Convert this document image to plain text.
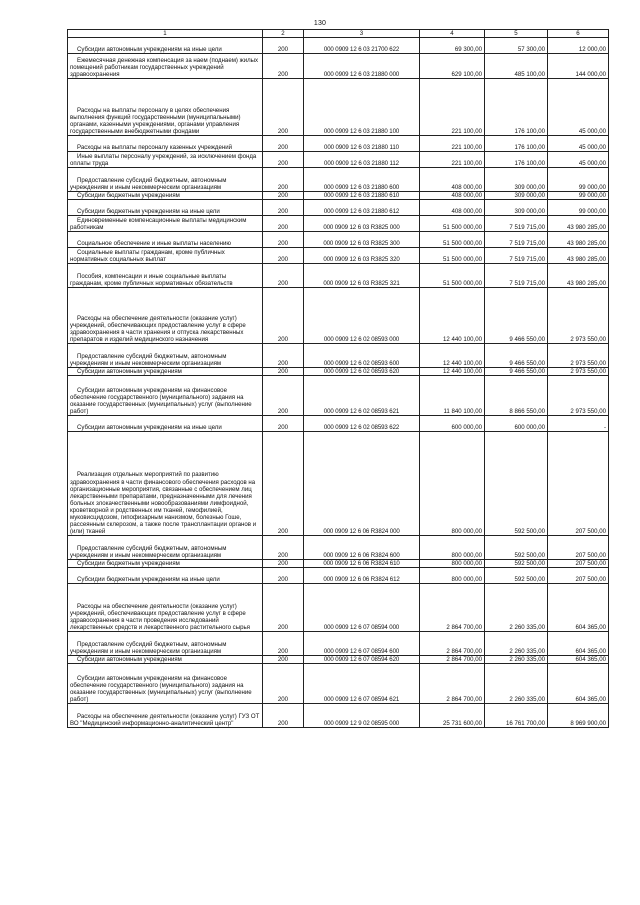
130
1	2	3	4	5	6

Субсидии автономным учреждениям на иные цели	200	000 0909 12 6 03 21700 622	69 300,00	57 300,00	12 000,00

Ежемесячная денежная компенсация за наем (поднаем) жилых помещений работникам государственных учреждений здравоохранения	200	000 0909 12 6 03 21880 000	629 100,00	485 100,00	144 000,00

Расходы на выплаты персоналу в целях обеспечения выполнения функций государственными (муниципальными) органами, казенными учреждениями, органами управления государственными внебюджетными фондами	200	000 0909 12 6 03 21880 100	221 100,00	176 100,00	45 000,00

Расходы на выплаты персоналу казенных учреждений	200	000 0909 12 6 03 21880 110	221 100,00	176 100,00	45 000,00

Иные выплаты персоналу учреждений, за исключением фонда оплаты труда	200	000 0909 12 6 03 21880 112	221 100,00	176 100,00	45 000,00

Предоставление субсидий бюджетным, автономным учреждениям и иным некоммерческим организациям	200	000 0909 12 6 03 21880 600	408 000,00	309 000,00	99 000,00

Субсидии бюджетным учреждениям	200	000 0909 12 6 03 21880 610	408 000,00	309 000,00	99 000,00

Субсидии бюджетным учреждениям на иные цели	200	000 0909 12 6 03 21880 612	408 000,00	309 000,00	99 000,00

Единовременные компенсационные выплаты медицинским работникам	200	000 0909 12 6 03 R3825 000	51 500 000,00	7 519 715,00	43 980 285,00

Социальное обеспечение и иные выплаты населению	200	000 0909 12 6 03 R3825 300	51 500 000,00	7 519 715,00	43 980 285,00

Социальные выплаты гражданам, кроме публичных нормативных социальных выплат	200	000 0909 12 6 03 R3825 320	51 500 000,00	7 519 715,00	43 980 285,00

Пособия, компенсации и иные социальные выплаты гражданам, кроме публичных нормативных обязательств	200	000 0909 12 6 03 R3825 321	51 500 000,00	7 519 715,00	43 980 285,00

Расходы на обеспечение деятельности (оказание услуг) учреждений, обеспечивающих предоставление услуг в сфере здравоохранения в части хранения и отпуска лекарственных препаратов и изделий медицинского назначения	200	000 0909 12 6 02 08593 000	12 440 100,00	9 466 550,00	2 973 550,00

Предоставление субсидий бюджетным, автономным учреждениям и иным некоммерческим организациям	200	000 0909 12 6 02 08593 600	12 440 100,00	9 466 550,00	2 973 550,00

Субсидии автономным учреждениям	200	000 0909 12 6 02 08593 620	12 440 100,00	9 466 550,00	2 973 550,00

Субсидии автономным учреждениям на финансовое обеспечение государственного (муниципального) задания на оказание государственных (муниципальных) услуг (выполнение работ)	200	000 0909 12 6 02 08593 621	11 840 100,00	8 866 550,00	2 973 550,00

Субсидии автономным учреждениям на иные цели	200	000 0909 12 6 02 08593 622	600 000,00	600 000,00	-

Реализация отдельных мероприятий по развитию здравоохранения в части финансового обеспечения расходов на организационные мероприятия, связанные с обеспечением лиц лекарственными препаратами, предназначенными для лечения больных злокачественными новообразованиями лимфоидной, кроветворной и родственных им тканей, гемофилией, муковисцидозом, гипофизарным нанизмом, болезнью Гоше, рассеянным склерозом, а также после трансплантации органов и (или) тканей	200	000 0909 12 6 06 R3824 000	800 000,00	592 500,00	207 500,00

Предоставление субсидий бюджетным, автономным учреждениям и иным некоммерческим организациям	200	000 0909 12 6 06 R3824 600	800 000,00	592 500,00	207 500,00

Субсидии бюджетным учреждениям	200	000 0909 12 6 06 R3824 610	800 000,00	592 500,00	207 500,00

Субсидии бюджетным учреждениям на иные цели	200	000 0909 12 6 06 R3824 612	800 000,00	592 500,00	207 500,00

Расходы на обеспечение деятельности (оказание услуг) учреждений, обеспечивающих предоставление услуг в сфере здравоохранения в части проведения исследований лекарственных средств и лекарственного растительного сырья	200	000 0909 12 6 07 08594 000	2 864 700,00	2 260 335,00	604 365,00

Предоставление субсидий бюджетным, автономным учреждениям и иным некоммерческим организациям	200	000 0909 12 6 07 08594 600	2 864 700,00	2 260 335,00	604 365,00

Субсидии автономным учреждениям	200	000 0909 12 6 07 08594 620	2 864 700,00	2 260 335,00	604 365,00

Субсидии автономным учреждениям на финансовое обеспечение государственного (муниципального) задания на оказание государственных (муниципальных) услуг (выполнение работ)	200	000 0909 12 6 07 08594 621	2 864 700,00	2 260 335,00	604 365,00

Расходы на обеспечение деятельности (оказание услуг) ГУЗ ОТ ВО "Медицинский информационно-аналитический центр"	200	000 0909 12 9 02 08595 000	25 731 600,00	16 761 700,00	8 969 900,00
